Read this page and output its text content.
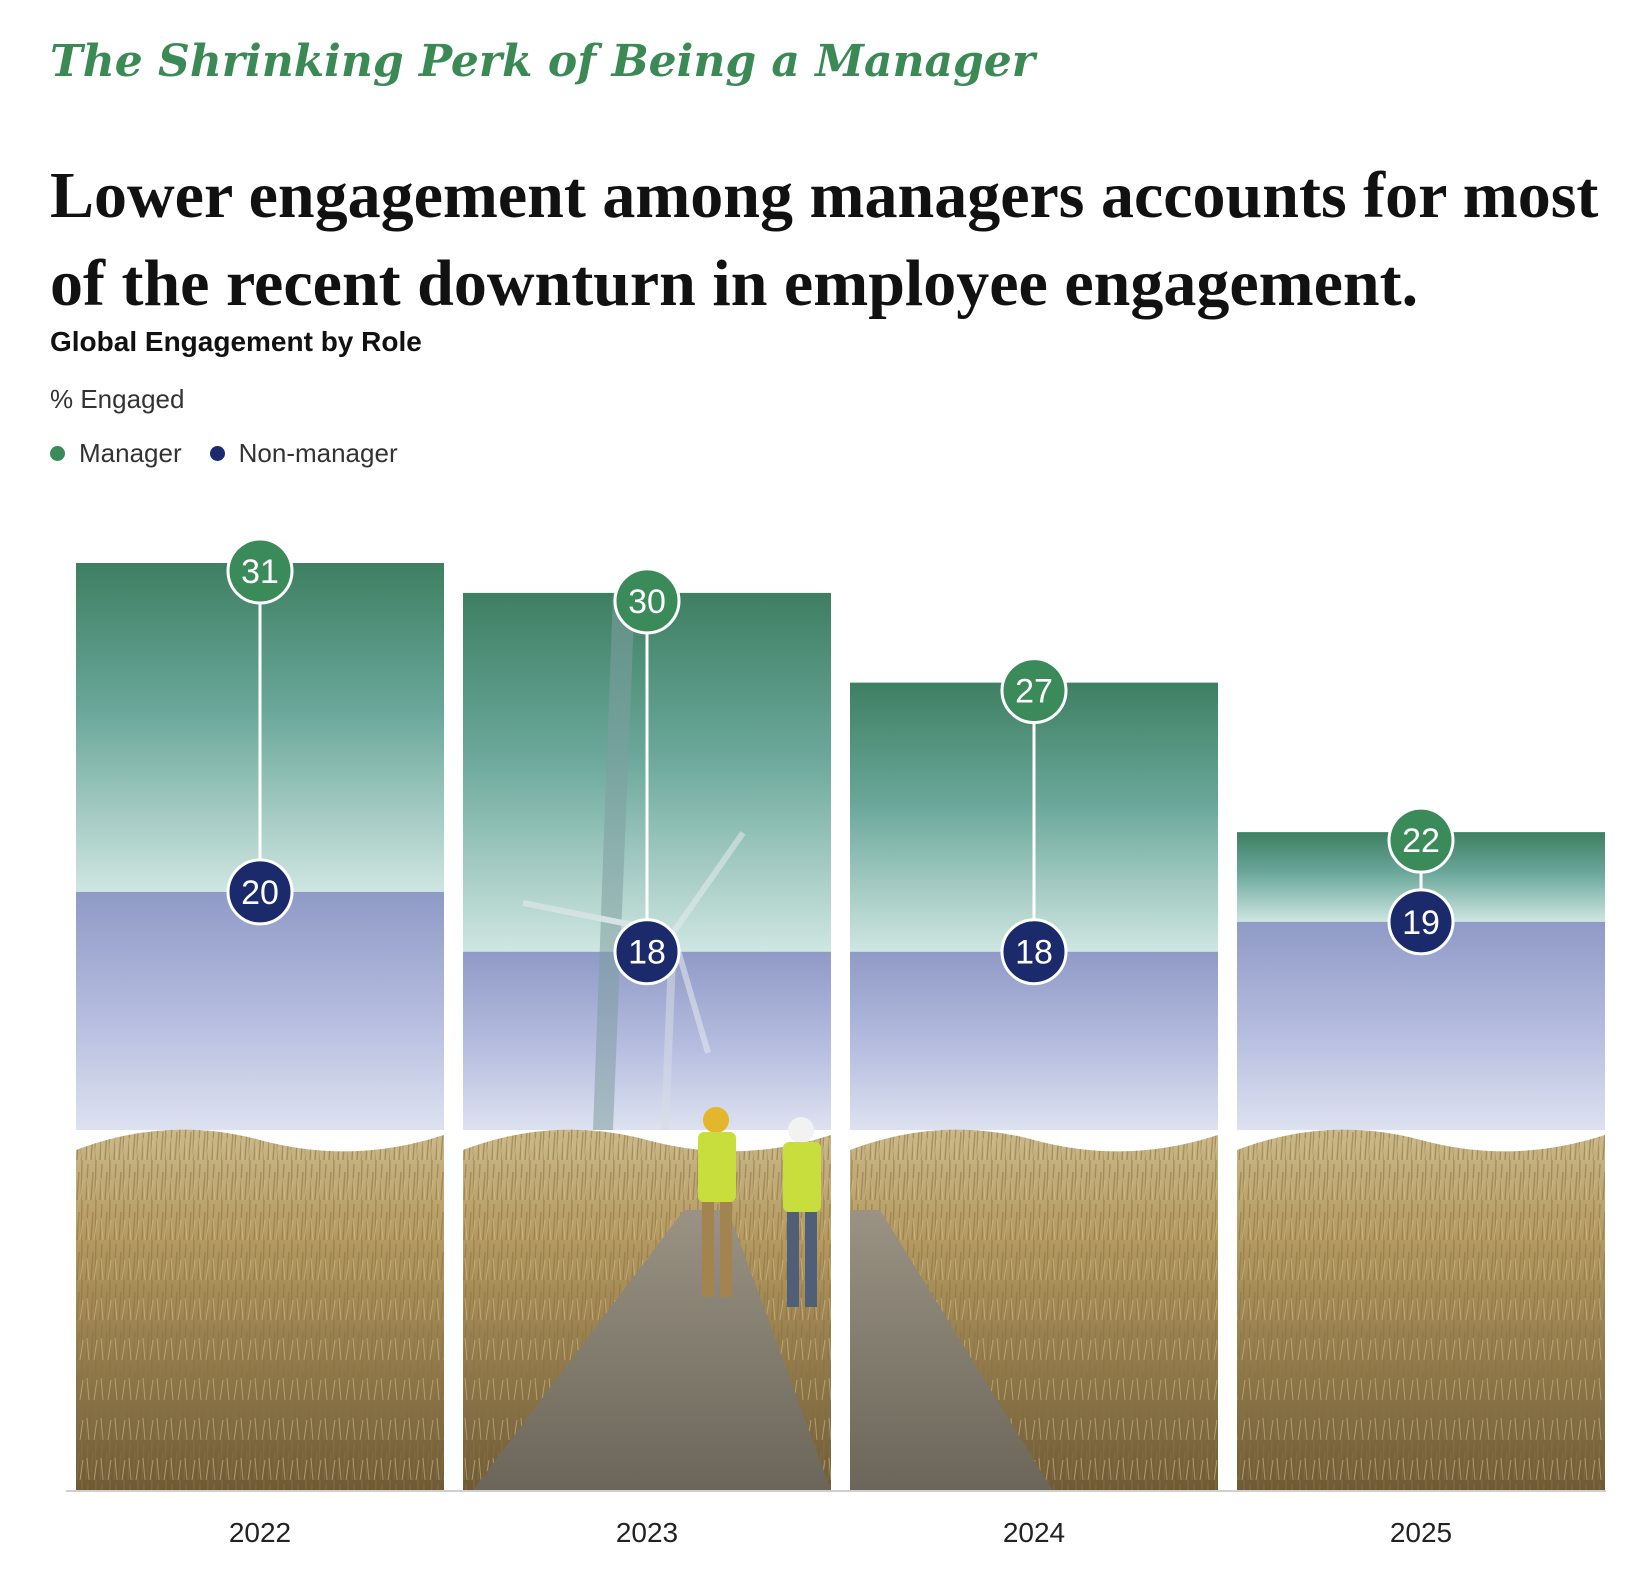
The Shrinking Perk of Being a Manager
Lower engagement among managers accounts for most of the recent downturn in employee engagement.
Global Engagement by Role
% Engaged
Manager Non-manager
31
20
30
18
27
18
22
19
2022	2023	2024	2025
